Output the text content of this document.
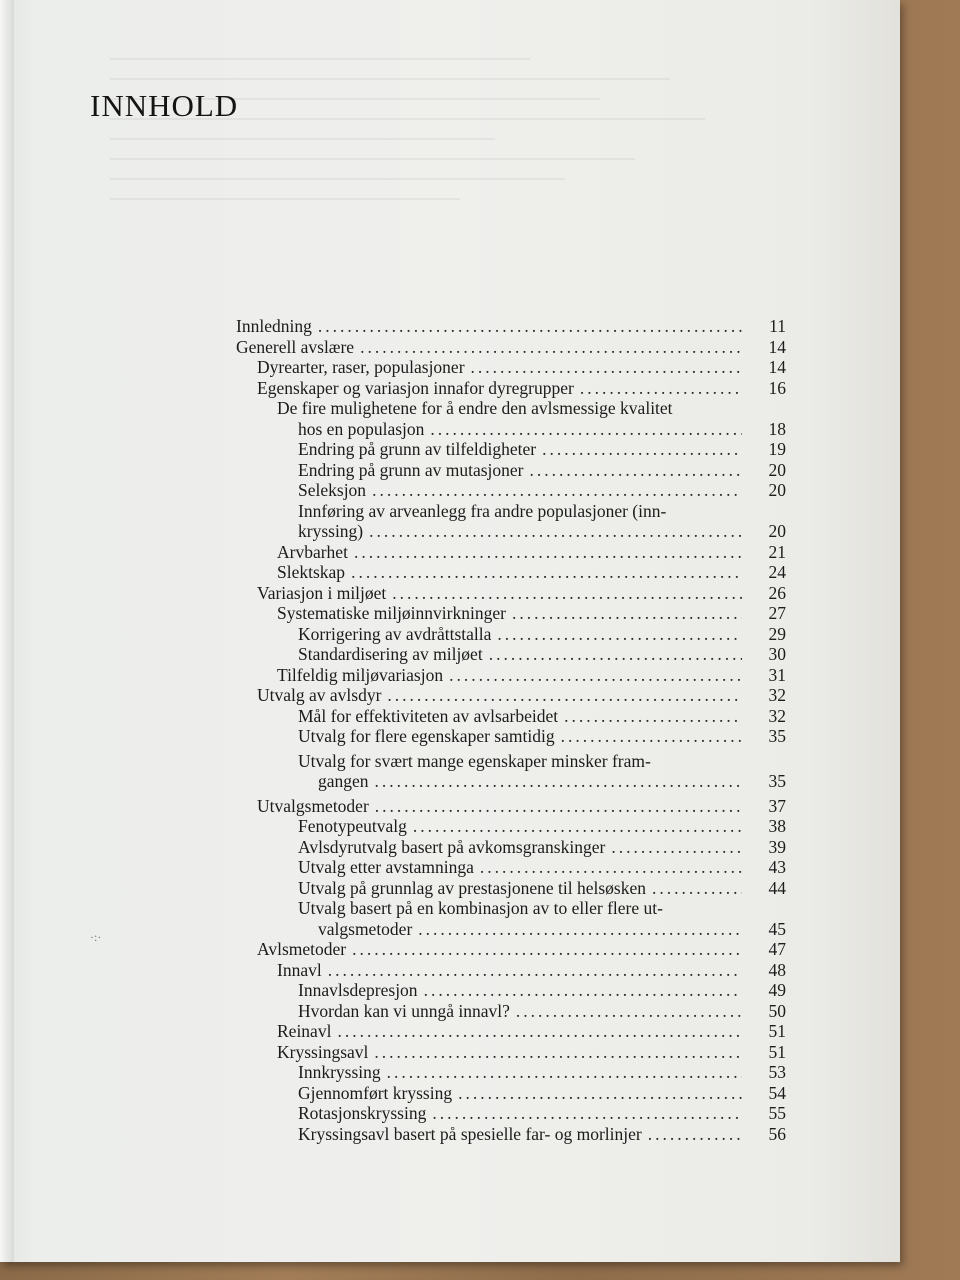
INNHOLD
Innledning .....	11
Generell avslære .....	14
Dyrearter, raser, populasjoner .....	14
Egenskaper og variasjon innafor dyregrupper .....	16
De fire mulighetene for å endre den avlsmessige kvalitet
hos en populasjon .....	18
Endring på grunn av tilfeldigheter .....	19
Endring på grunn av mutasjoner .....	20
Seleksjon .....	20
Innføring av arveanlegg fra andre populasjoner (inn-
kryssing) .....	20
Arvbarhet .....	21
Slektskap .....	24
Variasjon i miljøet .....	26
Systematiske miljøinnvirkninger .....	27
Korrigering av avdråttstalla .....	29
Standardisering av miljøet .....	30
Tilfeldig miljøvariasjon .....	31
Utvalg av avlsdyr .....	32
Mål for effektiviteten av avlsarbeidet .....	32
Utvalg for flere egenskaper samtidig .....	35
Utvalg for svært mange egenskaper minsker fram-
gangen .....	35
Utvalgsmetoder .....	37
Fenotypeutvalg .....	38
Avlsdyrutvalg basert på avkomsgranskinger .....	39
Utvalg etter avstamninga .....	43
Utvalg på grunnlag av prestasjonene til helsøsken .....	44
Utvalg basert på en kombinasjon av to eller flere ut-
valgsmetoder .....	45
Avlsmetoder .....	47
Innavl .....	48
Innavlsdepresjon .....	49
Hvordan kan vi unngå innavl? .....	50
Reinavl .....	51
Kryssingsavl .....	51
Innkryssing .....	53
Gjennomført kryssing .....	54
Rotasjonskryssing .....	55
Kryssingsavl basert på spesielle far- og morlinjer .....	56
·:·
